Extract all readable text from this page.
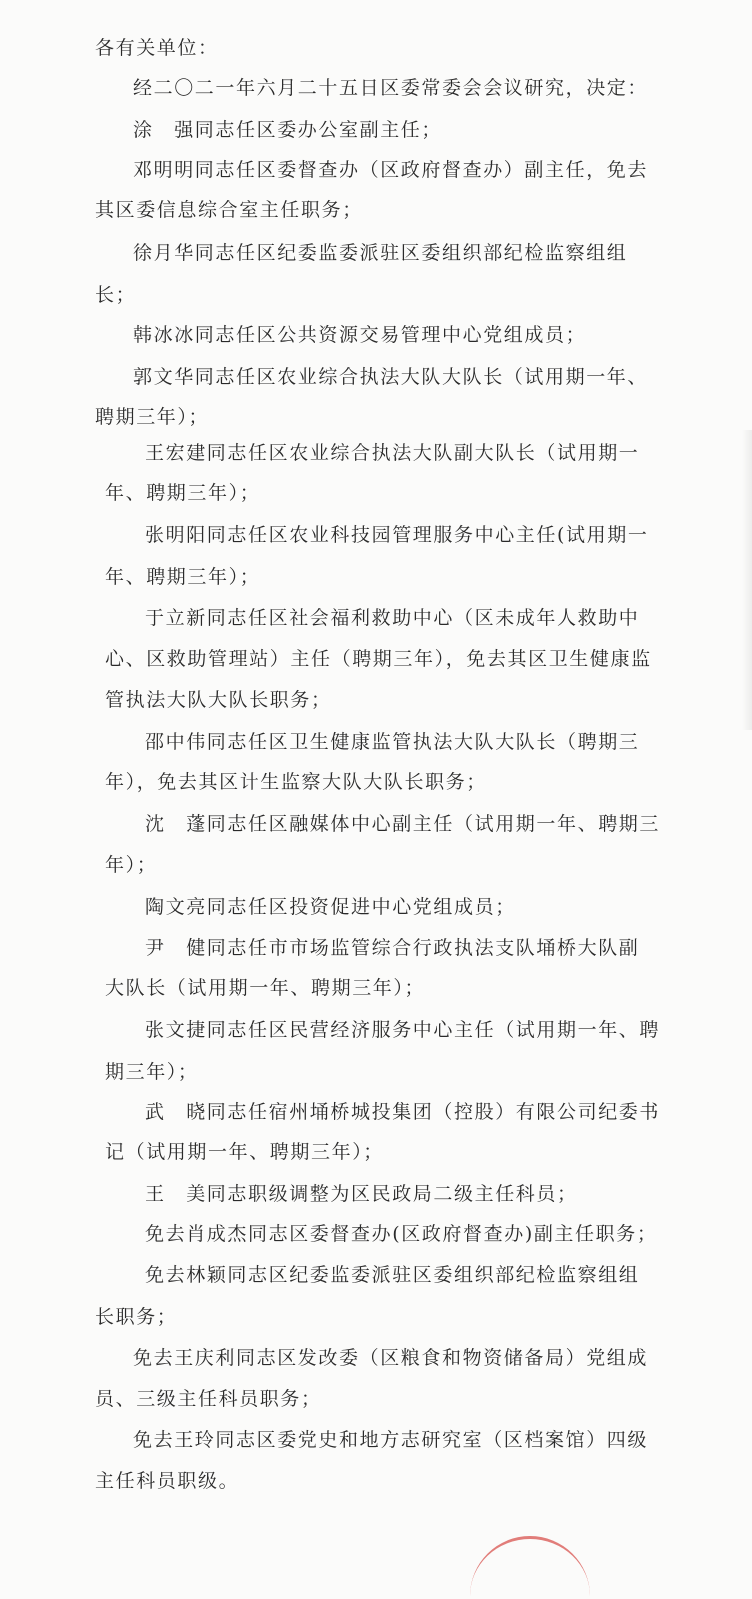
各有关单位：
经二〇二一年六月二十五日区委常委会会议研究，决定：
涂　强同志任区委办公室副主任；
邓明明同志任区委督查办（区政府督查办）副主任，免去
其区委信息综合室主任职务；
徐月华同志任区纪委监委派驻区委组织部纪检监察组组
长；
韩冰冰同志任区公共资源交易管理中心党组成员；
郭文华同志任区农业综合执法大队大队长（试用期一年、
聘期三年）；
王宏建同志任区农业综合执法大队副大队长（试用期一
年、聘期三年）；
张明阳同志任区农业科技园管理服务中心主任(试用期一
年、聘期三年）；
于立新同志任区社会福利救助中心（区未成年人救助中
心、区救助管理站）主任（聘期三年），免去其区卫生健康监
管执法大队大队长职务；
邵中伟同志任区卫生健康监管执法大队大队长（聘期三
年），免去其区计生监察大队大队长职务；
沈　蓬同志任区融媒体中心副主任（试用期一年、聘期三
年）；
陶文亮同志任区投资促进中心党组成员；
尹　健同志任市市场监管综合行政执法支队埇桥大队副
大队长（试用期一年、聘期三年）；
张文捷同志任区民营经济服务中心主任（试用期一年、聘
期三年）；
武　晓同志任宿州埇桥城投集团（控股）有限公司纪委书
记（试用期一年、聘期三年）；
王　美同志职级调整为区民政局二级主任科员；
免去肖成杰同志区委督查办(区政府督查办)副主任职务；
免去林颖同志区纪委监委派驻区委组织部纪检监察组组
长职务；
免去王庆利同志区发改委（区粮食和物资储备局）党组成
员、三级主任科员职务；
免去王玲同志区委党史和地方志研究室（区档案馆）四级
主任科员职级。
